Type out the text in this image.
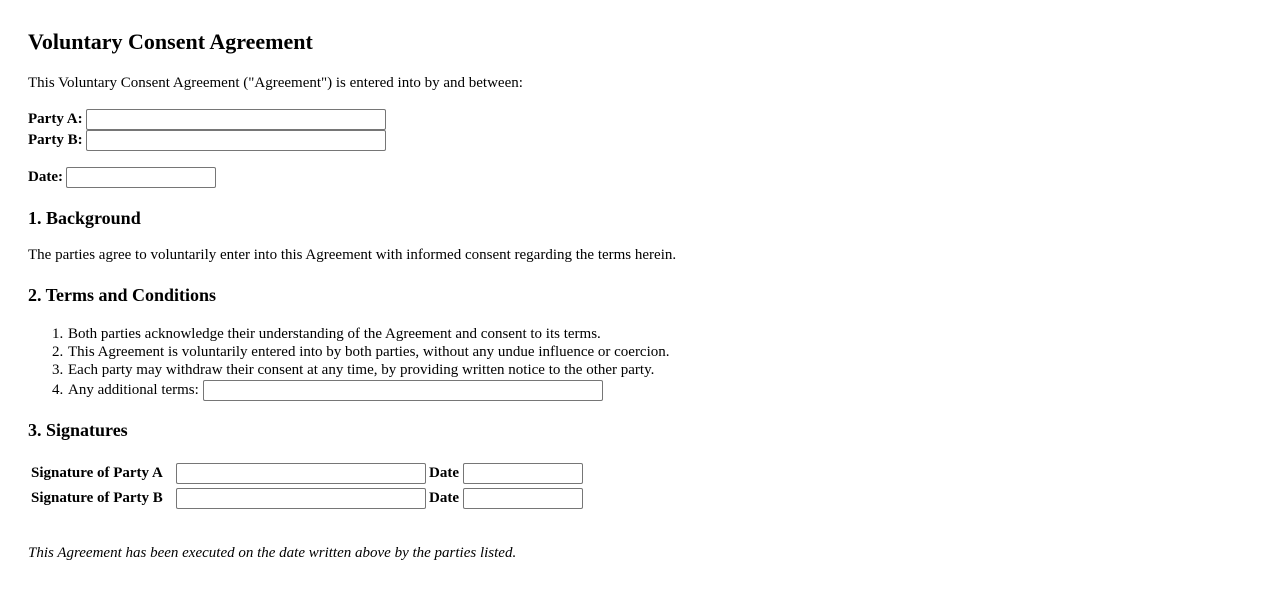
Voluntary Consent Agreement
This Voluntary Consent Agreement ("Agreement") is entered into by and between:
Party A:
Party B:
Date:
1. Background
The parties agree to voluntarily enter into this Agreement with informed consent regarding the terms herein.
2. Terms and Conditions
1. Both parties acknowledge their understanding of the Agreement and consent to its terms.
2. This Agreement is voluntarily entered into by both parties, without any undue influence or coercion.
3. Each party may withdraw their consent at any time, by providing written notice to the other party.
4. Any additional terms:
3. Signatures
Signature of Party A	Date
Signature of Party B	Date
This Agreement has been executed on the date written above by the parties listed.
